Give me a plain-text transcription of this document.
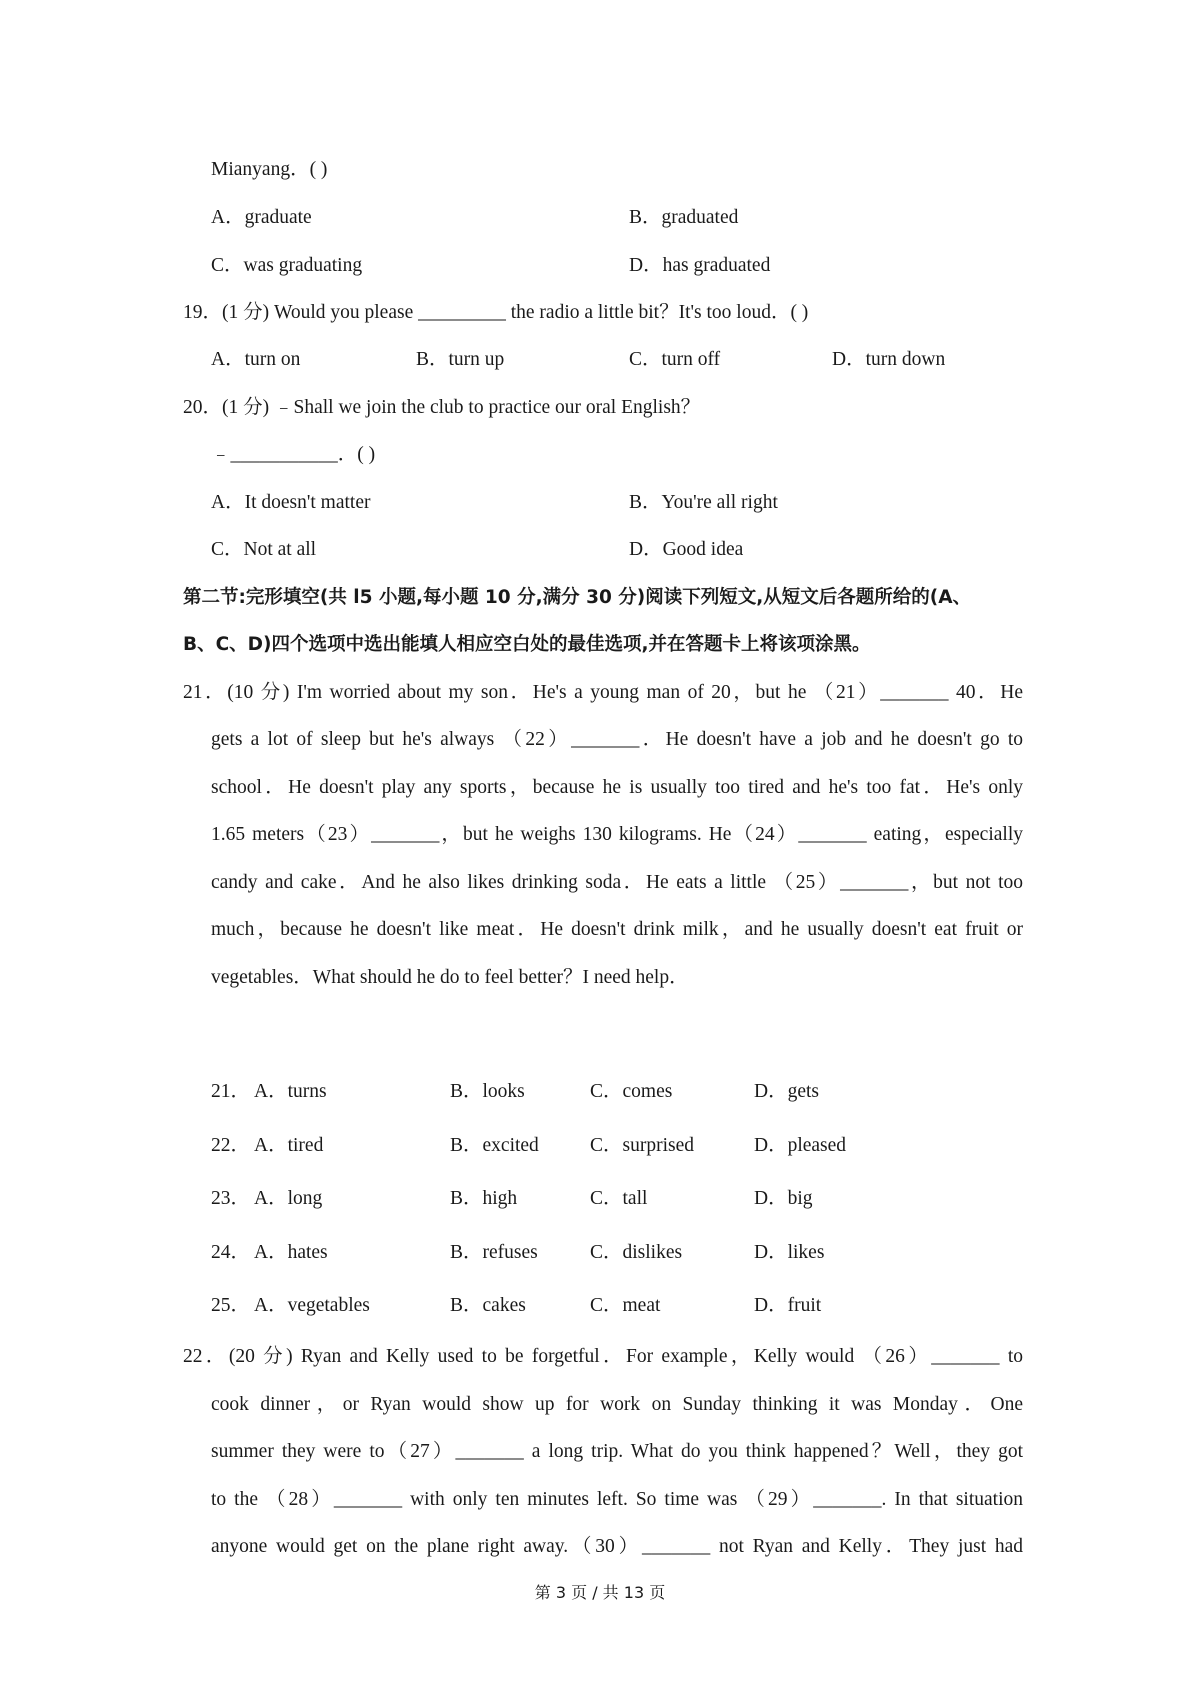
Mianyang．( )
A．graduate	B．graduated
C．was graduating	D．has graduated
19．(1 分) Would you please _________ the radio a little bit？It's too loud．( )
A．turn on	B．turn up	C．turn off	D．turn down
20．(1 分) ﹣Shall we join the club to practice our oral English？
﹣___________．( )
A．It doesn't matter	B．You're all right
C．Not at all	D．Good idea
第二节:完形填空(共 l5 小题,每小题 10 分,满分 30 分)阅读下列短文,从短文后各题所给的(A、
B、C、D)四个选项中选出能填人相应空白处的最佳选项,并在答题卡上将该项涂黑。
21．(10 分) I'm worried about my son．He's a young man of 20，but he （21）_______ 40．He
gets a lot of sleep but he's always （22）_______．He doesn't have a job and he doesn't go to
school．He doesn't play any sports，because he is usually too tired and he's too fat．He's only
1.65 meters（23）_______，but he weighs 130 kilograms. He（24）_______ eating，especially
candy and cake．And he also likes drinking soda．He eats a little （25）_______，but not too
much，because he doesn't like meat．He doesn't drink milk，and he usually doesn't eat fruit or
vegetables．What should he do to feel better？I need help．
21． A．turns	B．looks	C．comes	D．gets
22． A．tired	B．excited	C．surprised	D．pleased
23． A．long	B．high	C．tall	D．big
24． A．hates	B．refuses	C．dislikes	D．likes
25． A．vegetables	B．cakes	C．meat	D．fruit
22．(20 分) Ryan and Kelly used to be forgetful．For example，Kelly would （26）_______ to
cook dinner，or Ryan would show up for work on Sunday thinking it was Monday．One
summer they were to（27）_______ a long trip. What do you think happened？Well，they got
to the （28）_______ with only ten minutes left. So time was （29）_______. In that situation
anyone would get on the plane right away.（30）_______ not Ryan and Kelly．They just had
第 3 页 / 共 13 页
